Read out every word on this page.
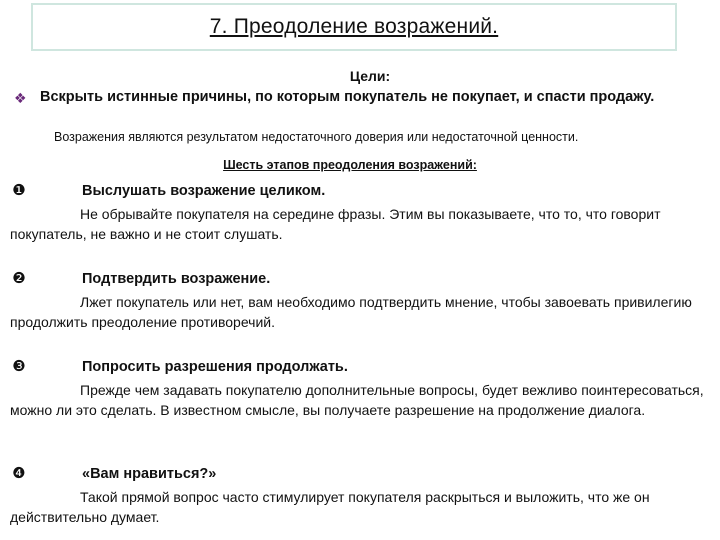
7. Преодоление возражений.
Цели:
❖ Вскрыть истинные причины, по которым покупатель не покупает, и спасти продажу.
Возражения являются результатом недостаточного доверия или недостаточной ценности.
Шесть этапов преодоления возражений:
❶	Выслушать возражение целиком.
Не обрывайте покупателя на середине фразы. Этим вы показываете, что то, что говорит покупатель, не важно и не стоит слушать.
❷	Подтвердить возражение.
Лжет покупатель или нет, вам необходимо подтвердить мнение, чтобы завоевать привилегию продолжить преодоление противоречий.
❸	Попросить разрешения продолжать.
Прежде чем задавать покупателю дополнительные вопросы, будет вежливо поинтересоваться, можно ли это сделать. В известном смысле, вы получаете разрешение на продолжение диалога.
❹	«Вам нравиться?»
Такой прямой вопрос часто стимулирует покупателя раскрыться и выложить, что же он действительно думает.
